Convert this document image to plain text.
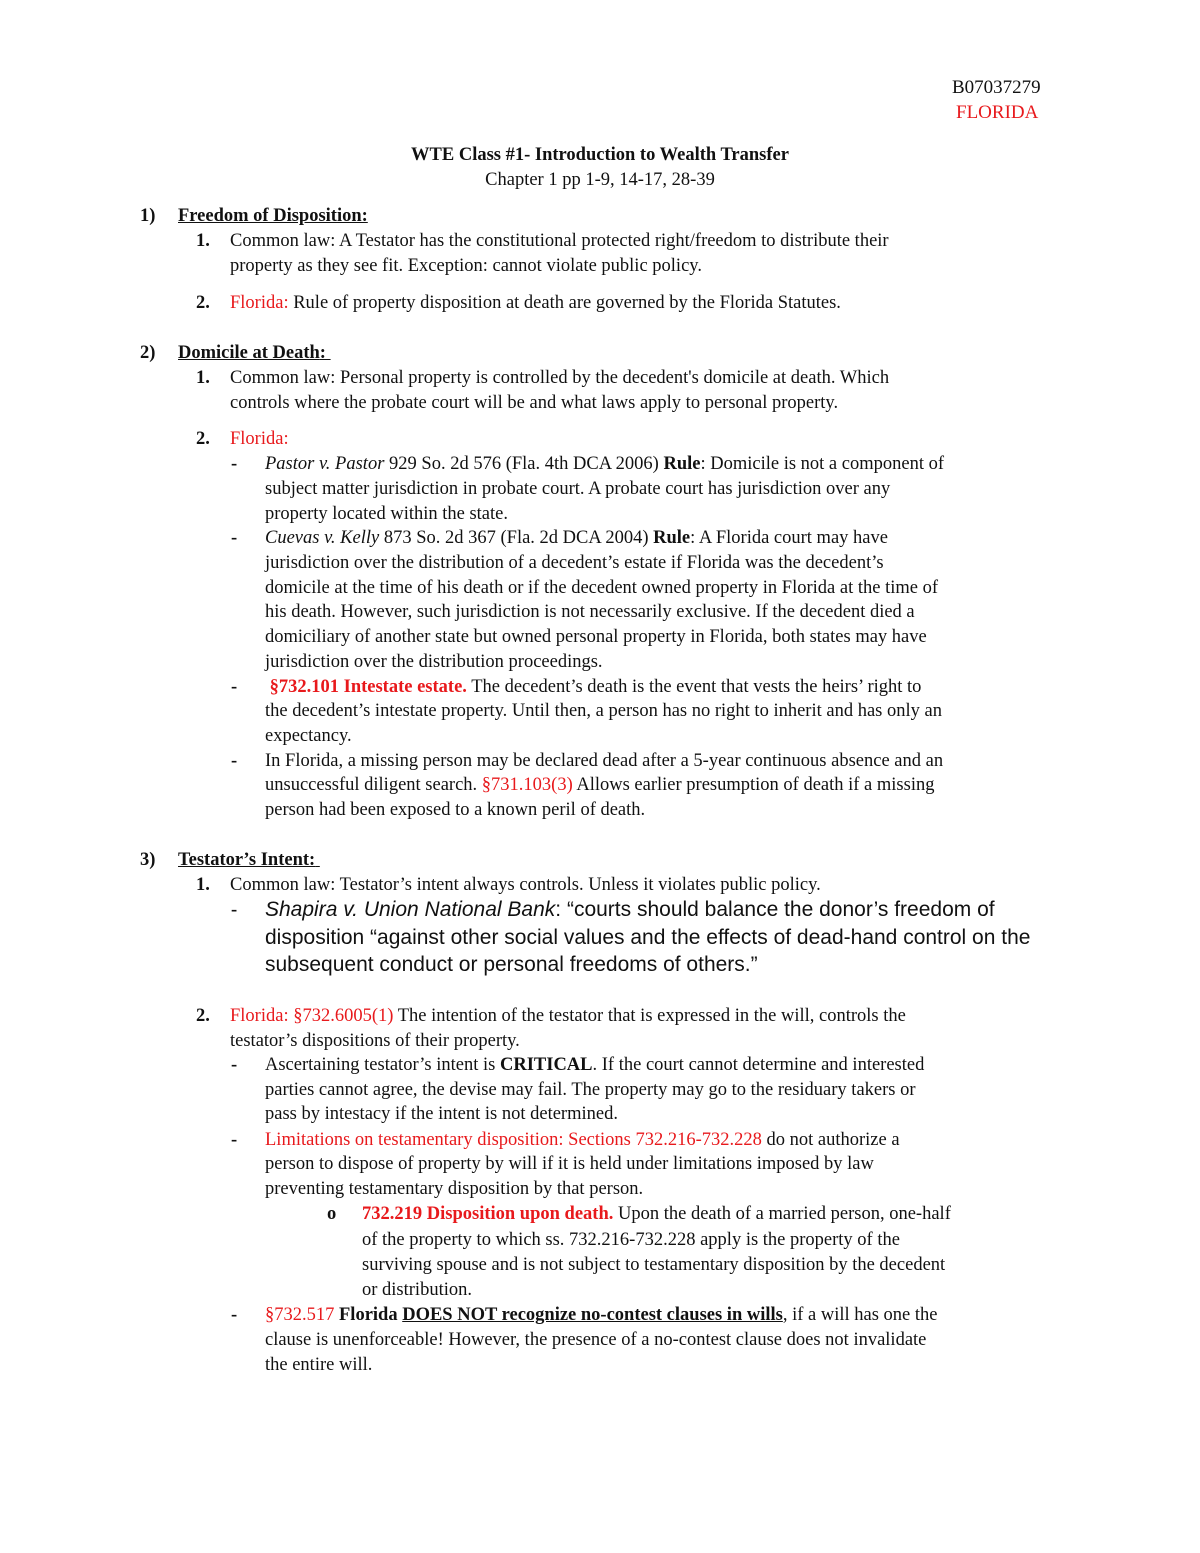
B07037279
FLORIDA
WTE Class #1- Introduction to Wealth Transfer
Chapter 1 pp 1-9, 14-17, 28-39
1) Freedom of Disposition:
1. Common law: A Testator has the constitutional protected right/freedom to distribute their
property as they see fit. Exception: cannot violate public policy.
2. Florida: Rule of property disposition at death are governed by the Florida Statutes.
2) Domicile at Death:
1. Common law: Personal property is controlled by the decedent's domicile at death. Which
controls where the probate court will be and what laws apply to personal property.
2. Florida:
- Pastor v. Pastor 929 So. 2d 576 (Fla. 4th DCA 2006) Rule: Domicile is not a component of
subject matter jurisdiction in probate court. A probate court has jurisdiction over any
property located within the state.
- Cuevas v. Kelly 873 So. 2d 367 (Fla. 2d DCA 2004) Rule: A Florida court may have
jurisdiction over the distribution of a decedent’s estate if Florida was the decedent’s
domicile at the time of his death or if the decedent owned property in Florida at the time of
his death. However, such jurisdiction is not necessarily exclusive. If the decedent died a
domiciliary of another state but owned personal property in Florida, both states may have
jurisdiction over the distribution proceedings.
- §732.101 Intestate estate. The decedent’s death is the event that vests the heirs’ right to
the decedent’s intestate property. Until then, a person has no right to inherit and has only an
expectancy.
- In Florida, a missing person may be declared dead after a 5-year continuous absence and an
unsuccessful diligent search. §731.103(3) Allows earlier presumption of death if a missing
person had been exposed to a known peril of death.
3) Testator’s Intent:
1. Common law: Testator’s intent always controls. Unless it violates public policy.
- Shapira v. Union National Bank: “courts should balance the donor’s freedom of
disposition “against other social values and the effects of dead-hand control on the
subsequent conduct or personal freedoms of others.”
2. Florida: §732.6005(1) The intention of the testator that is expressed in the will, controls the
testator’s dispositions of their property.
- Ascertaining testator’s intent is CRITICAL. If the court cannot determine and interested
parties cannot agree, the devise may fail. The property may go to the residuary takers or
pass by intestacy if the intent is not determined.
- Limitations on testamentary disposition: Sections 732.216-732.228 do not authorize a
person to dispose of property by will if it is held under limitations imposed by law
preventing testamentary disposition by that person.
o 732.219 Disposition upon death. Upon the death of a married person, one-half
of the property to which ss. 732.216-732.228 apply is the property of the
surviving spouse and is not subject to testamentary disposition by the decedent
or distribution.
- §732.517 Florida DOES NOT recognize no-contest clauses in wills, if a will has one the
clause is unenforceable! However, the presence of a no-contest clause does not invalidate
the entire will.
